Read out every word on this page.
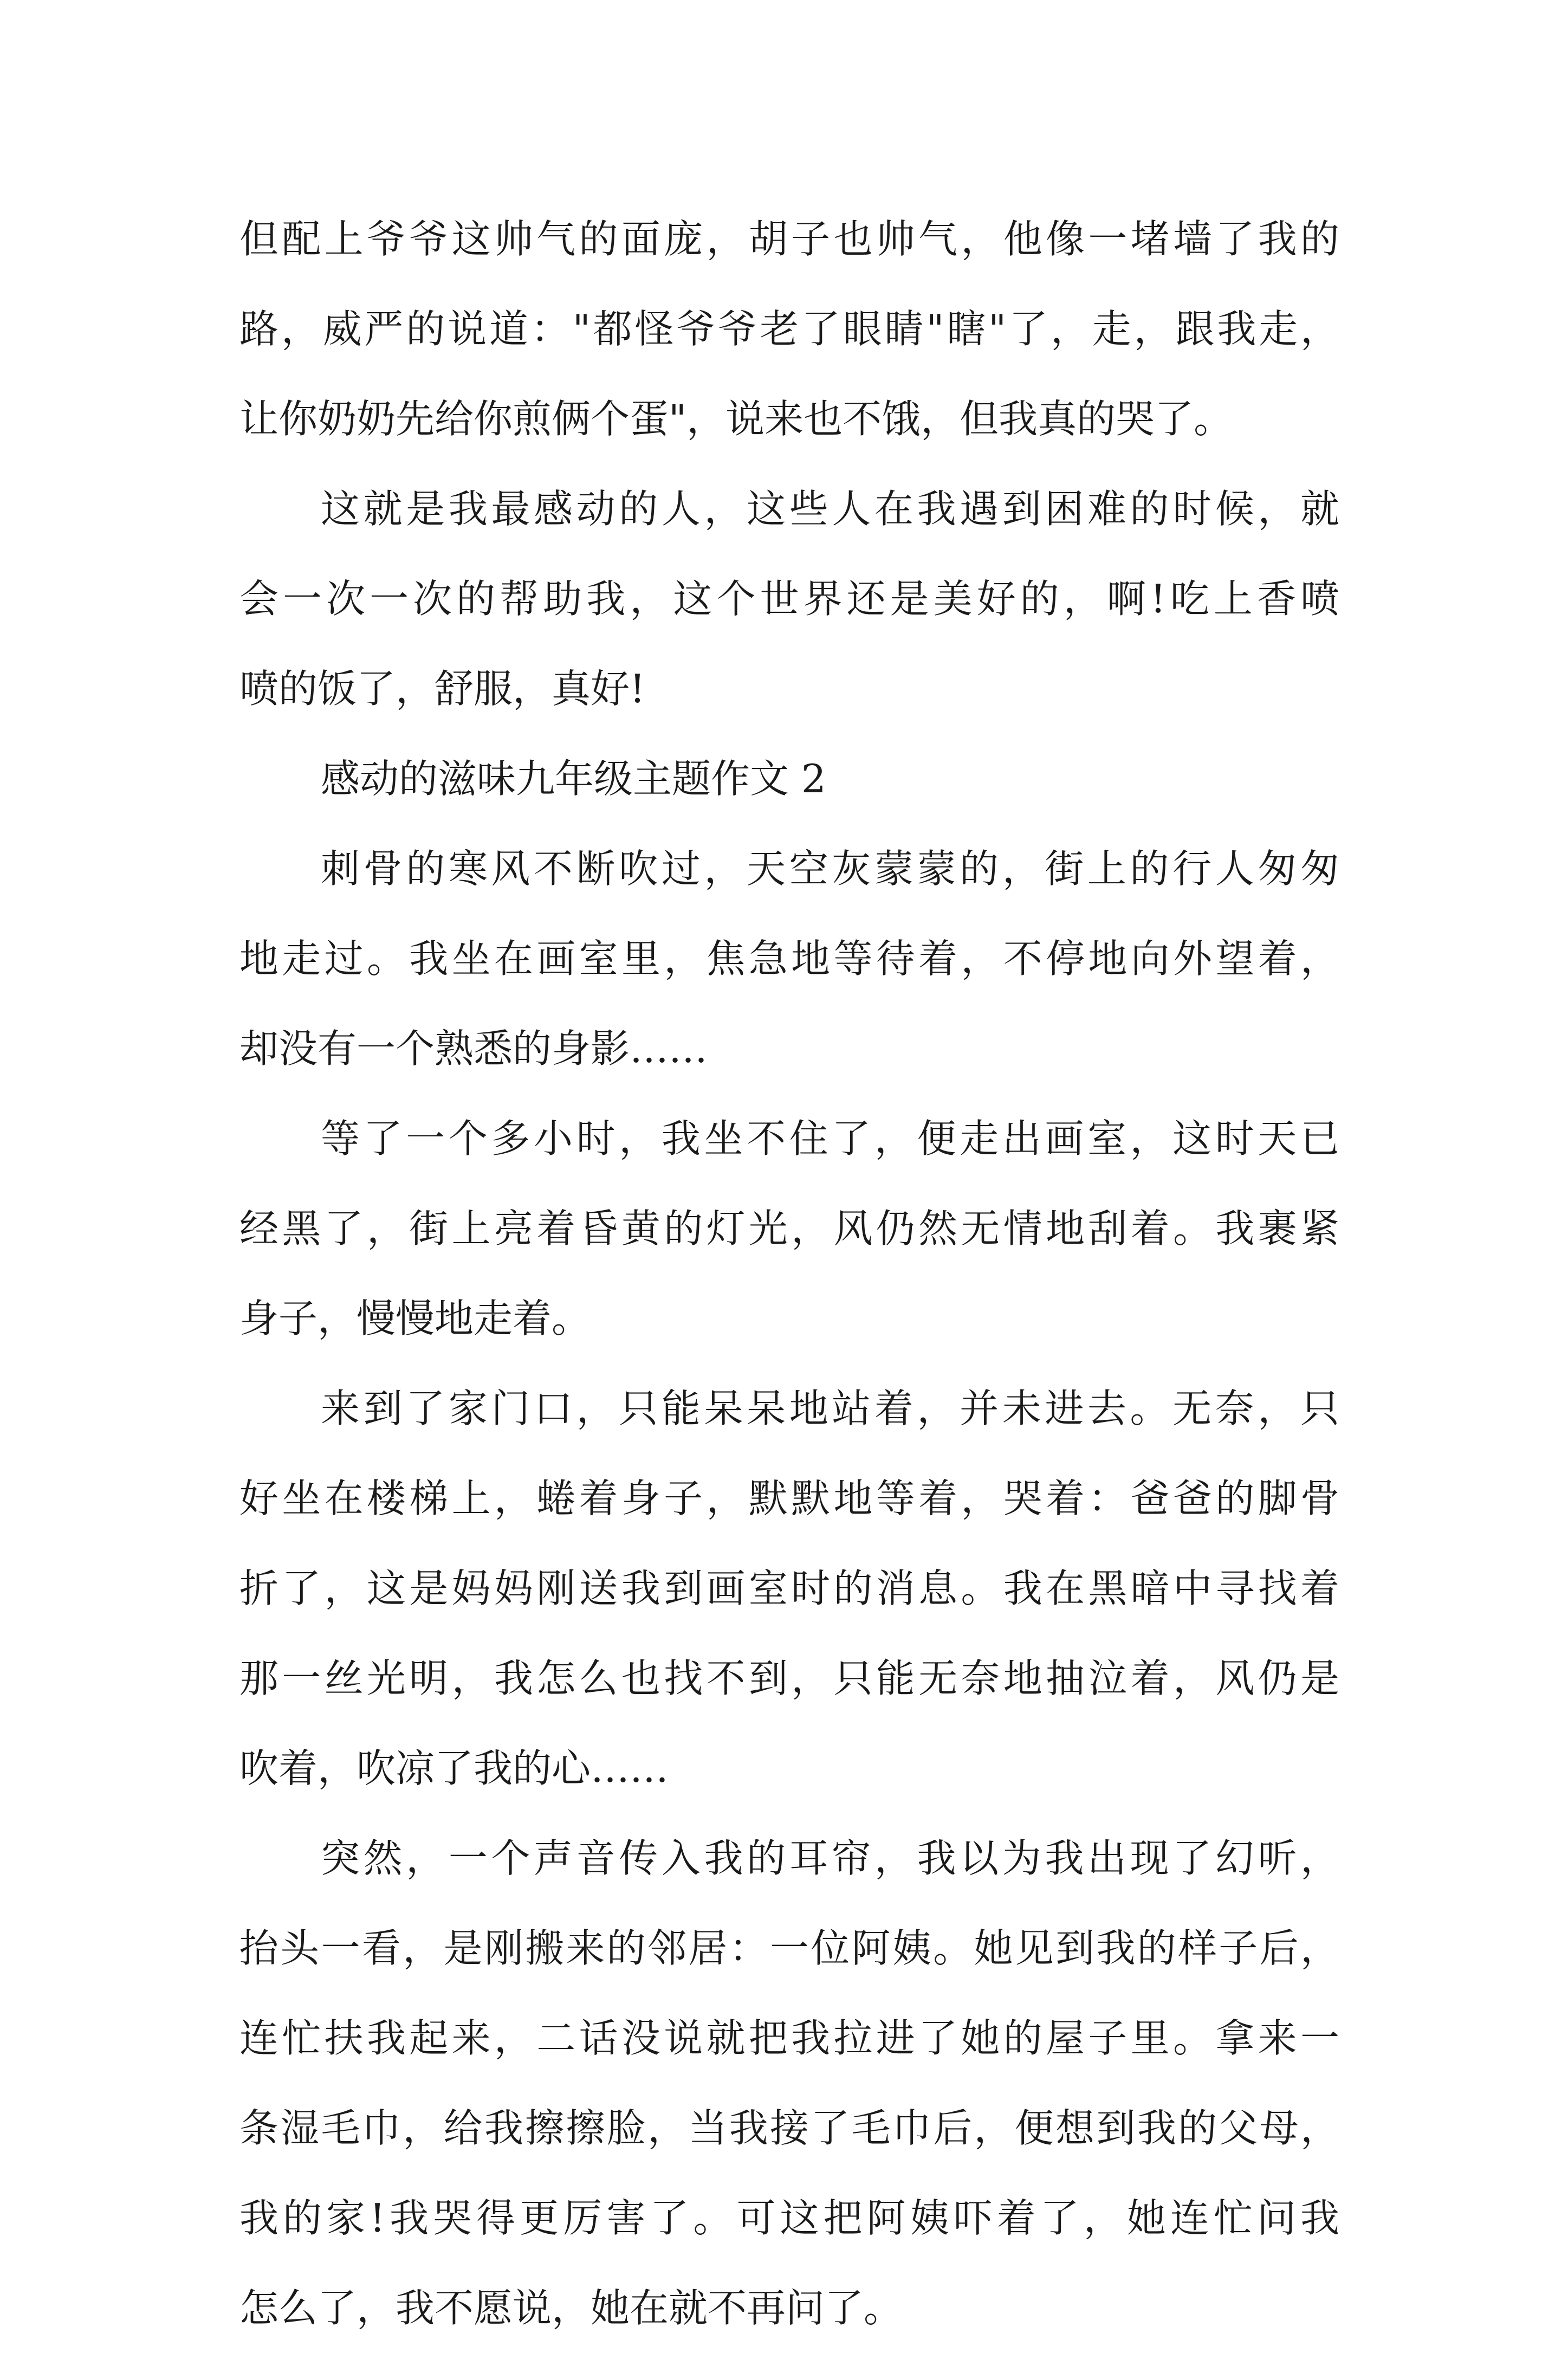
但配上爷爷这帅气的面庞，胡子也帅气，他像一堵墙了我的
路，威严的说道："都怪爷爷老了眼睛"瞎"了，走，跟我走，
让你奶奶先给你煎俩个蛋"，说来也不饿，但我真的哭了。
这就是我最感动的人，这些人在我遇到困难的时候，就
会一次一次的帮助我，这个世界还是美好的，啊!吃上香喷
喷的饭了，舒服，真好!
感动的滋味九年级主题作文 2
刺骨的寒风不断吹过，天空灰蒙蒙的，街上的行人匆匆
地走过。我坐在画室里，焦急地等待着，不停地向外望着，
却没有一个熟悉的身影……
等了一个多小时，我坐不住了，便走出画室，这时天已
经黑了，街上亮着昏黄的灯光，风仍然无情地刮着。我裹紧
身子，慢慢地走着。
来到了家门口，只能呆呆地站着，并未进去。无奈，只
好坐在楼梯上，蜷着身子，默默地等着，哭着：爸爸的脚骨
折了，这是妈妈刚送我到画室时的消息。我在黑暗中寻找着
那一丝光明，我怎么也找不到，只能无奈地抽泣着，风仍是
吹着，吹凉了我的心……
突然，一个声音传入我的耳帘，我以为我出现了幻听，
抬头一看，是刚搬来的邻居：一位阿姨。她见到我的样子后，
连忙扶我起来，二话没说就把我拉进了她的屋子里。拿来一
条湿毛巾，给我擦擦脸，当我接了毛巾后，便想到我的父母，
我的家!我哭得更厉害了。可这把阿姨吓着了，她连忙问我
怎么了，我不愿说，她在就不再问了。
